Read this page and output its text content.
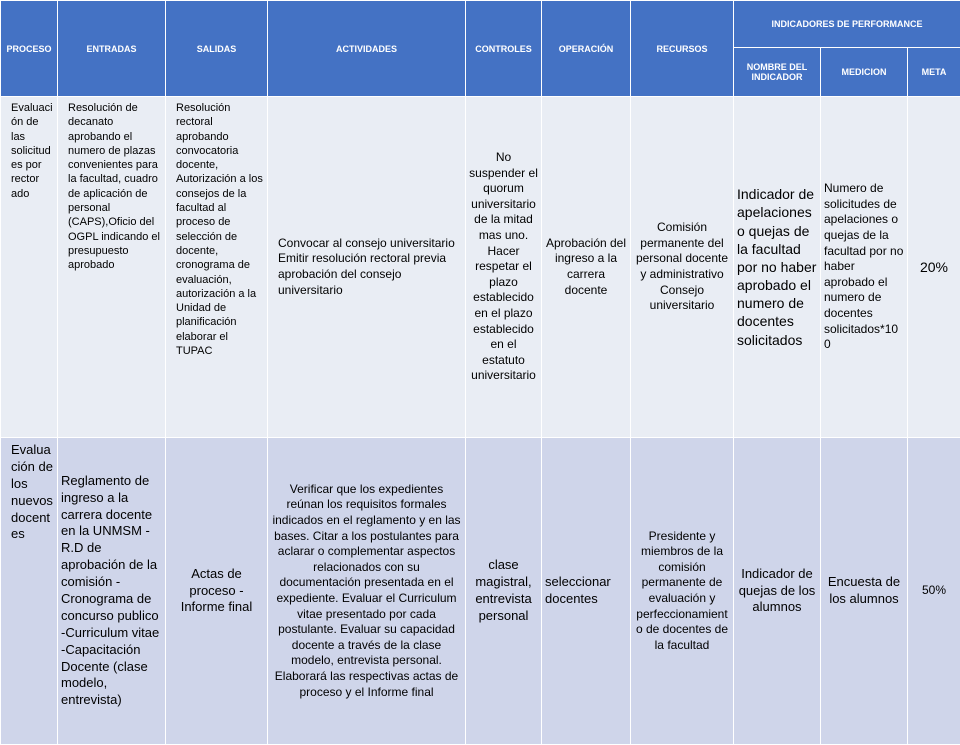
PROCESO	ENTRADAS	SALIDAS	ACTIVIDADES	CONTROLES	OPERACIÓN	RECURSOS	INDICADORES DE PERFORMANCE		
							NOMBRE DEL INDICADOR	MEDICION	META
Evaluación de las solicitudes por rector ado	Resolución de decanato aprobando el numero de plazas convenientes para la facultad, cuadro de aplicación de personal (CAPS),Oficio del OGPL indicando el presupuesto aprobado	Resolución rectoral aprobando convocatoria docente, Autorización a los consejos de la facultad al proceso de selección de docente, cronograma de evaluación, autorización a la Unidad de planificación elaborar el TUPAC	Convocar al consejo universitario Emitir resolución rectoral previa aprobación del consejo universitario	No suspender el quorum universitario de la mitad mas uno. Hacer respetar el plazo establecido en el plazo establecido en el estatuto universitario	Aprobación del ingreso a la carrera docente	Comisión permanente del personal docente y administrativo Consejo universitario	Indicador de apelaciones o quejas de la facultad por no haber aprobado el numero de docentes solicitados	Numero de solicitudes de apelaciones o quejas de la facultad por no haber aprobado el numero de docentes solicitados*100	20%
Evaluación de los nuevos docentes	Reglamento de ingreso a la carrera docente en la UNMSM -R.D de aprobación de la comisión -Cronograma de concurso publico -Curriculum vitae -Capacitación Docente (clase modelo, entrevista)	Actas de proceso -Informe final	Verificar que los expedientes reúnan los requisitos formales indicados en el reglamento y en las bases. Citar a los postulantes para aclarar o complementar aspectos relacionados con su documentación presentada en el expediente. Evaluar el Curriculum vitae presentado por cada postulante. Evaluar su capacidad docente a través de la clase modelo, entrevista personal. Elaborará las respectivas actas de proceso y el Informe final	clase magistral, entrevista personal	seleccionar docentes	Presidente y miembros de la comisión permanente de evaluación y perfeccionamiento de docentes de la facultad	Indicador de quejas de los alumnos	Encuesta de los alumnos	50%
